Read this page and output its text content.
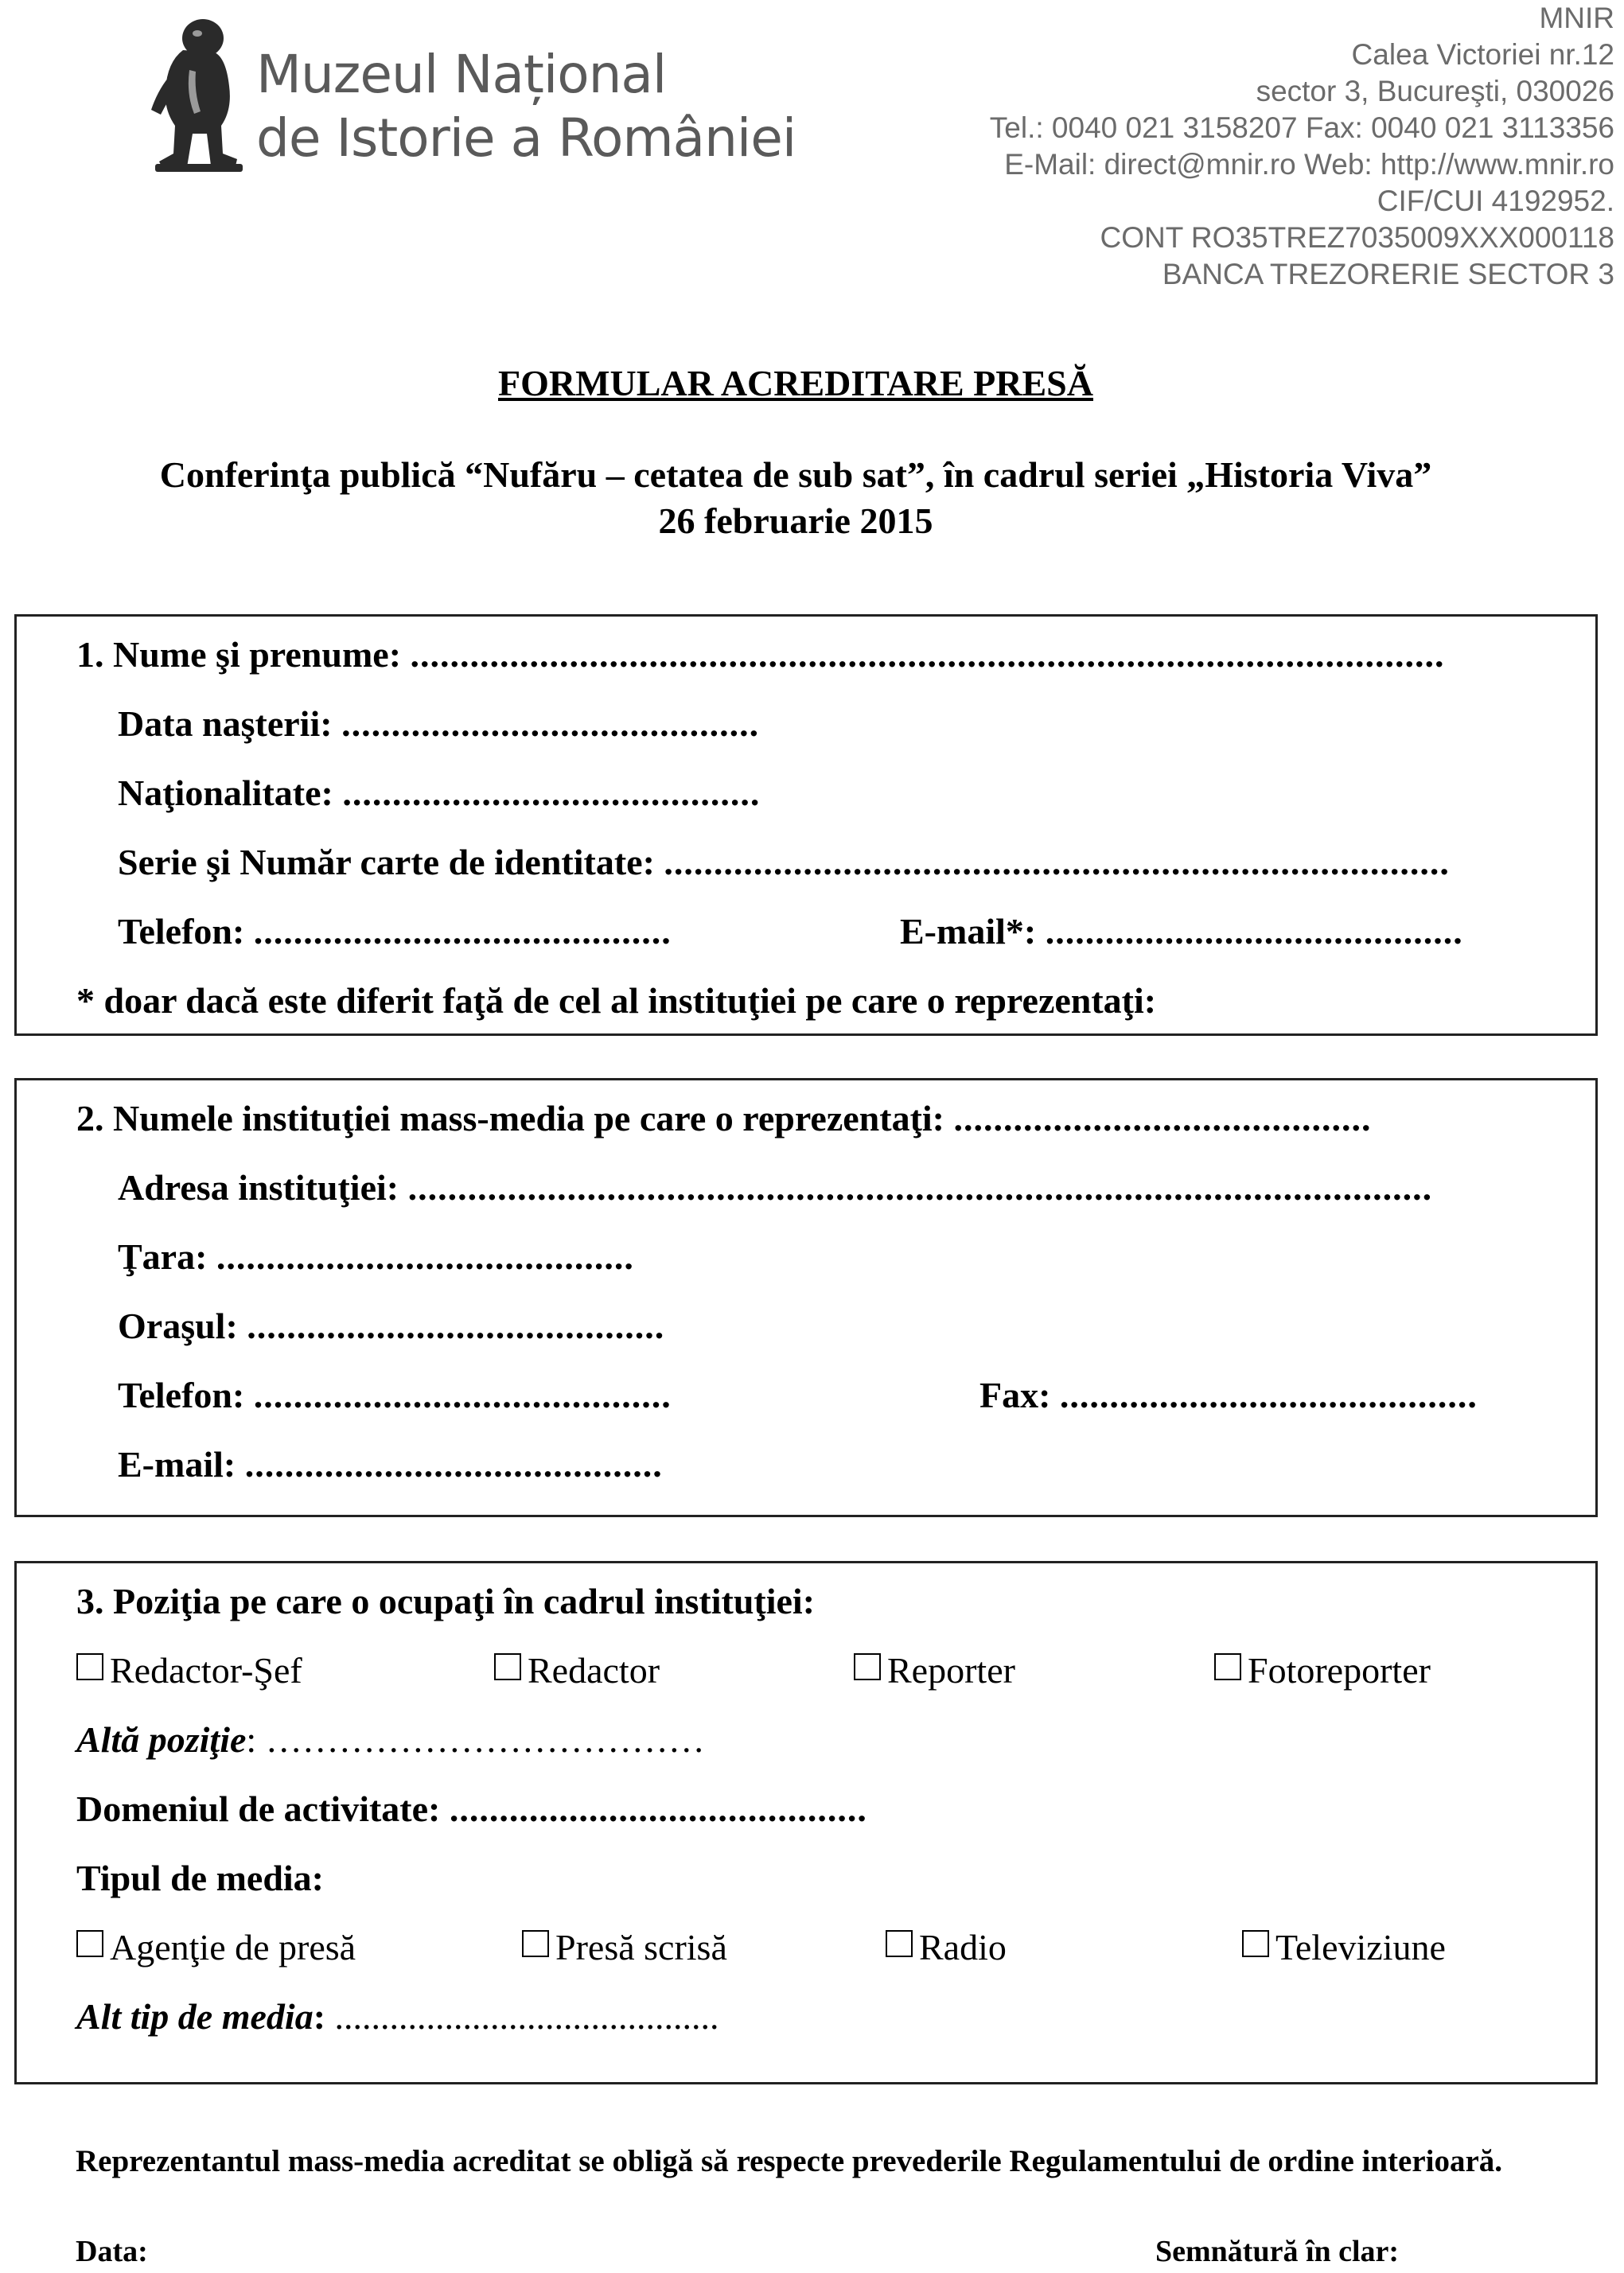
Muzeul Național
de Istorie a României
MNIR
Calea Victoriei nr.12
sector 3, Bucureşti, 030026
Tel.: 0040 021 3158207 Fax: 0040 021 3113356
E-Mail: direct@mnir.ro Web: http://www.mnir.ro
CIF/CUI 4192952.
CONT RO35TREZ7035009XXX000118
BANCA TREZORERIE SECTOR 3
FORMULAR ACREDITARE PRESĂ
Conferinţa publică “Nufăru – cetatea de sub sat”, în cadrul seriei „Historia Viva”
26 februarie 2015
1. Nume şi prenume: ........................................................................................................
Data naşterii: ..........................................
Naţionalitate: ..........................................
Serie şi Număr carte de identitate: ...............................................................................
Telefon: ..........................................	E-mail*: ..........................................
* doar dacă este diferit faţă de cel al instituţiei pe care o reprezentaţi:
2. Numele instituţiei mass-media pe care o reprezentaţi: ..........................................
Adresa instituţiei: .......................................................................................................
Ţara: ..........................................
Oraşul: ..........................................
Telefon: ..........................................	Fax: ..........................................
E-mail: ..........................................
3. Poziţia pe care o ocupaţi în cadrul instituţiei:
Redactor-Şef	Redactor	Reporter	Fotoreporter
Altă poziţie: ………………………………
Domeniul de activitate: ..........................................
Tipul de media:
Agenţie de presă	Presă scrisă	Radio	Televiziune
Alt tip de media: ..........................................
Reprezentantul mass-media acreditat se obligă să respecte prevederile Regulamentului de ordine interioară.
Data:	Semnătură în clar:
